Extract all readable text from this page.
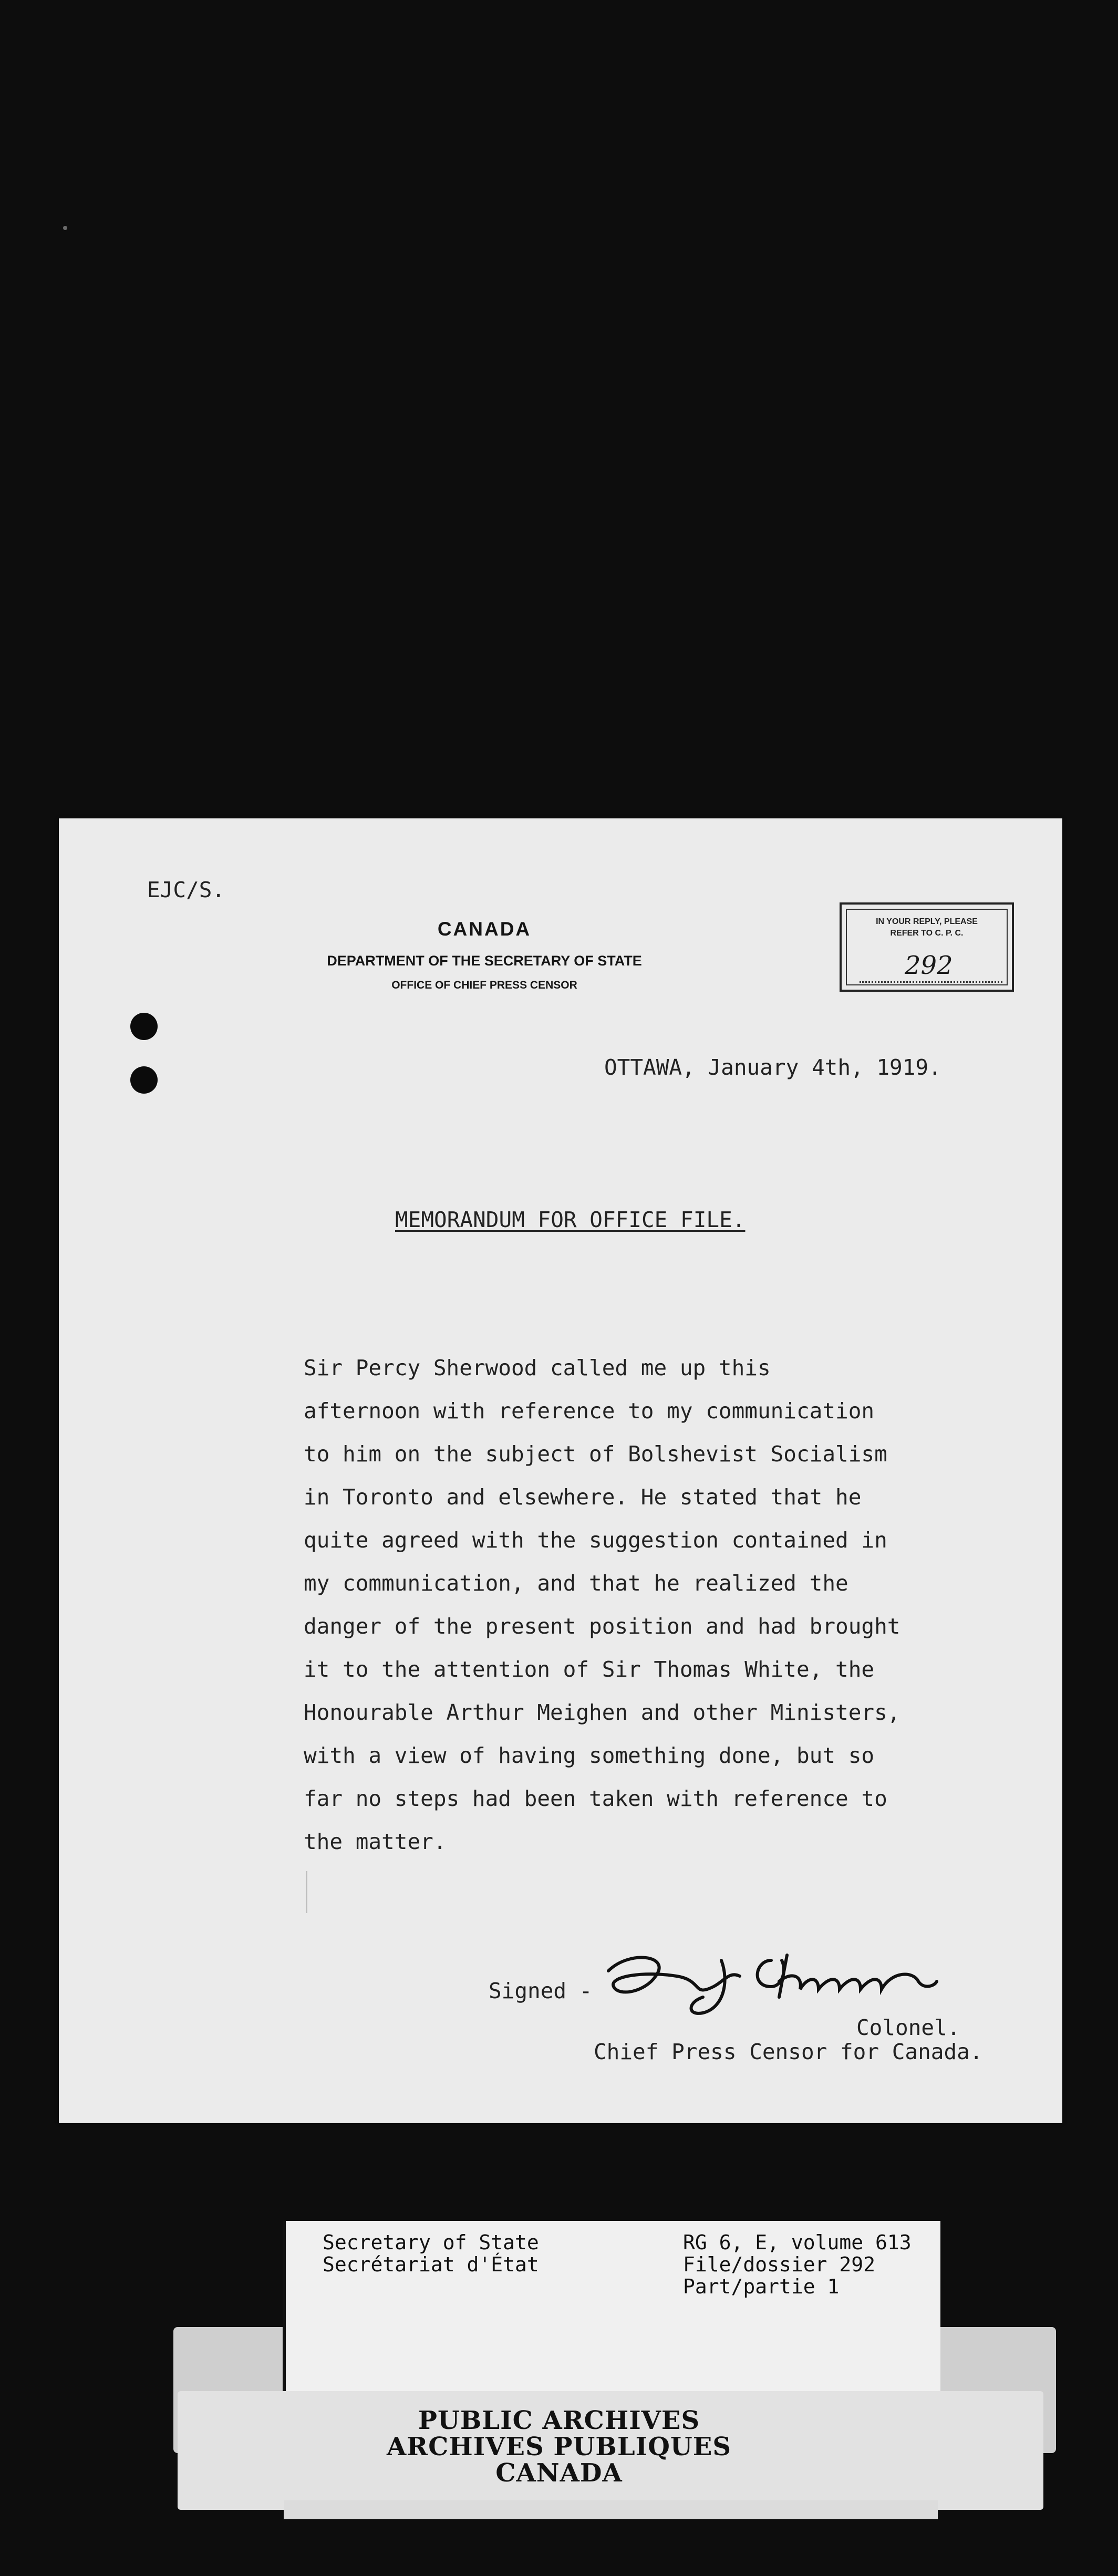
EJC/S.
CANADA
DEPARTMENT OF THE SECRETARY OF STATE
OFFICE OF CHIEF PRESS CENSOR
IN YOUR REPLY, PLEASE
REFER TO C. P. C.
292
OTTAWA, January 4th, 1919.
MEMORANDUM FOR OFFICE FILE.
Sir Percy Sherwood called me up this
afternoon with reference to my communication
to him on the subject of Bolshevist Socialism
in Toronto and elsewhere. He stated that he
quite agreed with the suggestion contained in
my communication, and that he realized the
danger of the present position and had brought
it to the attention of Sir Thomas White, the
Honourable Arthur Meighen and other Ministers,
with a view of having something done, but so
far no steps had been taken with reference to
the matter.
Signed -
Colonel.
Chief Press Censor for Canada.
Secretary of State
Secrétariat d'État
RG 6, E, volume 613
File/dossier 292
Part/partie 1
PUBLIC ARCHIVES
ARCHIVES PUBLIQUES
CANADA
